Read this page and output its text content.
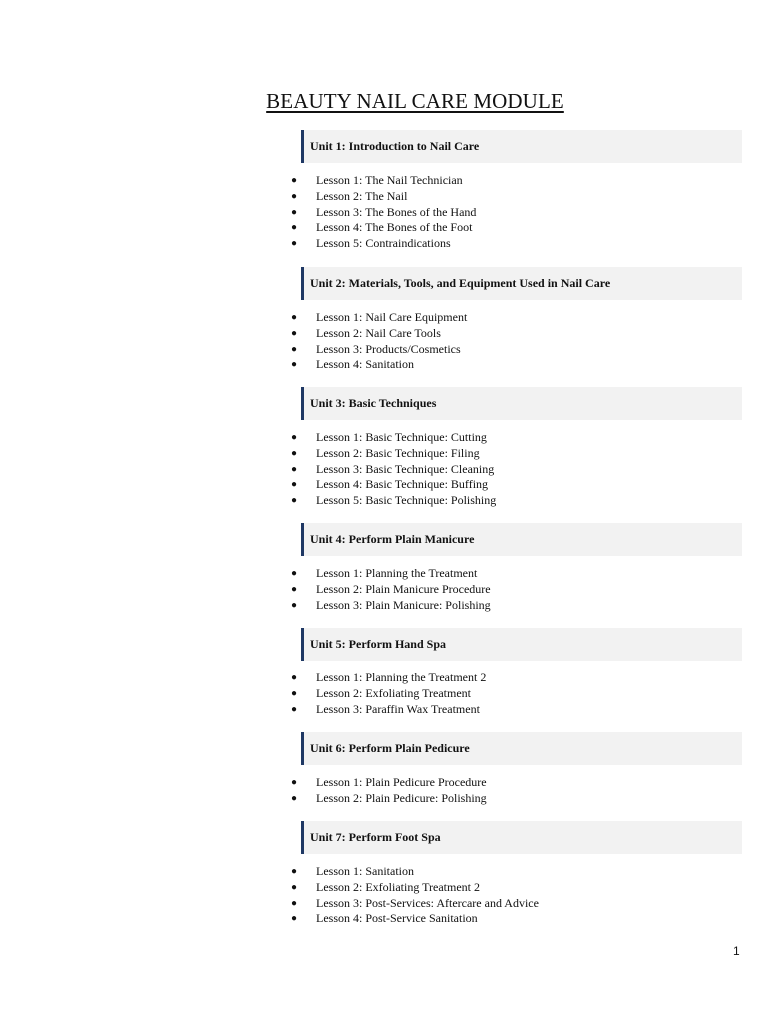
BEAUTY NAIL CARE MODULE
Unit 1: Introduction to Nail Care
● Lesson 1: The Nail Technician
● Lesson 2: The Nail
● Lesson 3: The Bones of the Hand
● Lesson 4: The Bones of the Foot
● Lesson 5: Contraindications
Unit 2: Materials, Tools, and Equipment Used in Nail Care
● Lesson 1: Nail Care Equipment
● Lesson 2: Nail Care Tools
● Lesson 3: Products/Cosmetics
● Lesson 4: Sanitation
Unit 3: Basic Techniques
● Lesson 1: Basic Technique: Cutting
● Lesson 2: Basic Technique: Filing
● Lesson 3: Basic Technique: Cleaning
● Lesson 4: Basic Technique: Buffing
● Lesson 5: Basic Technique: Polishing
Unit 4: Perform Plain Manicure
● Lesson 1: Planning the Treatment
● Lesson 2: Plain Manicure Procedure
● Lesson 3: Plain Manicure: Polishing
Unit 5: Perform Hand Spa
● Lesson 1: Planning the Treatment 2
● Lesson 2: Exfoliating Treatment
● Lesson 3: Paraffin Wax Treatment
Unit 6: Perform Plain Pedicure
● Lesson 1: Plain Pedicure Procedure
● Lesson 2: Plain Pedicure: Polishing
Unit 7: Perform Foot Spa
● Lesson 1: Sanitation
● Lesson 2: Exfoliating Treatment 2
● Lesson 3: Post-Services: Aftercare and Advice
● Lesson 4: Post-Service Sanitation
1
